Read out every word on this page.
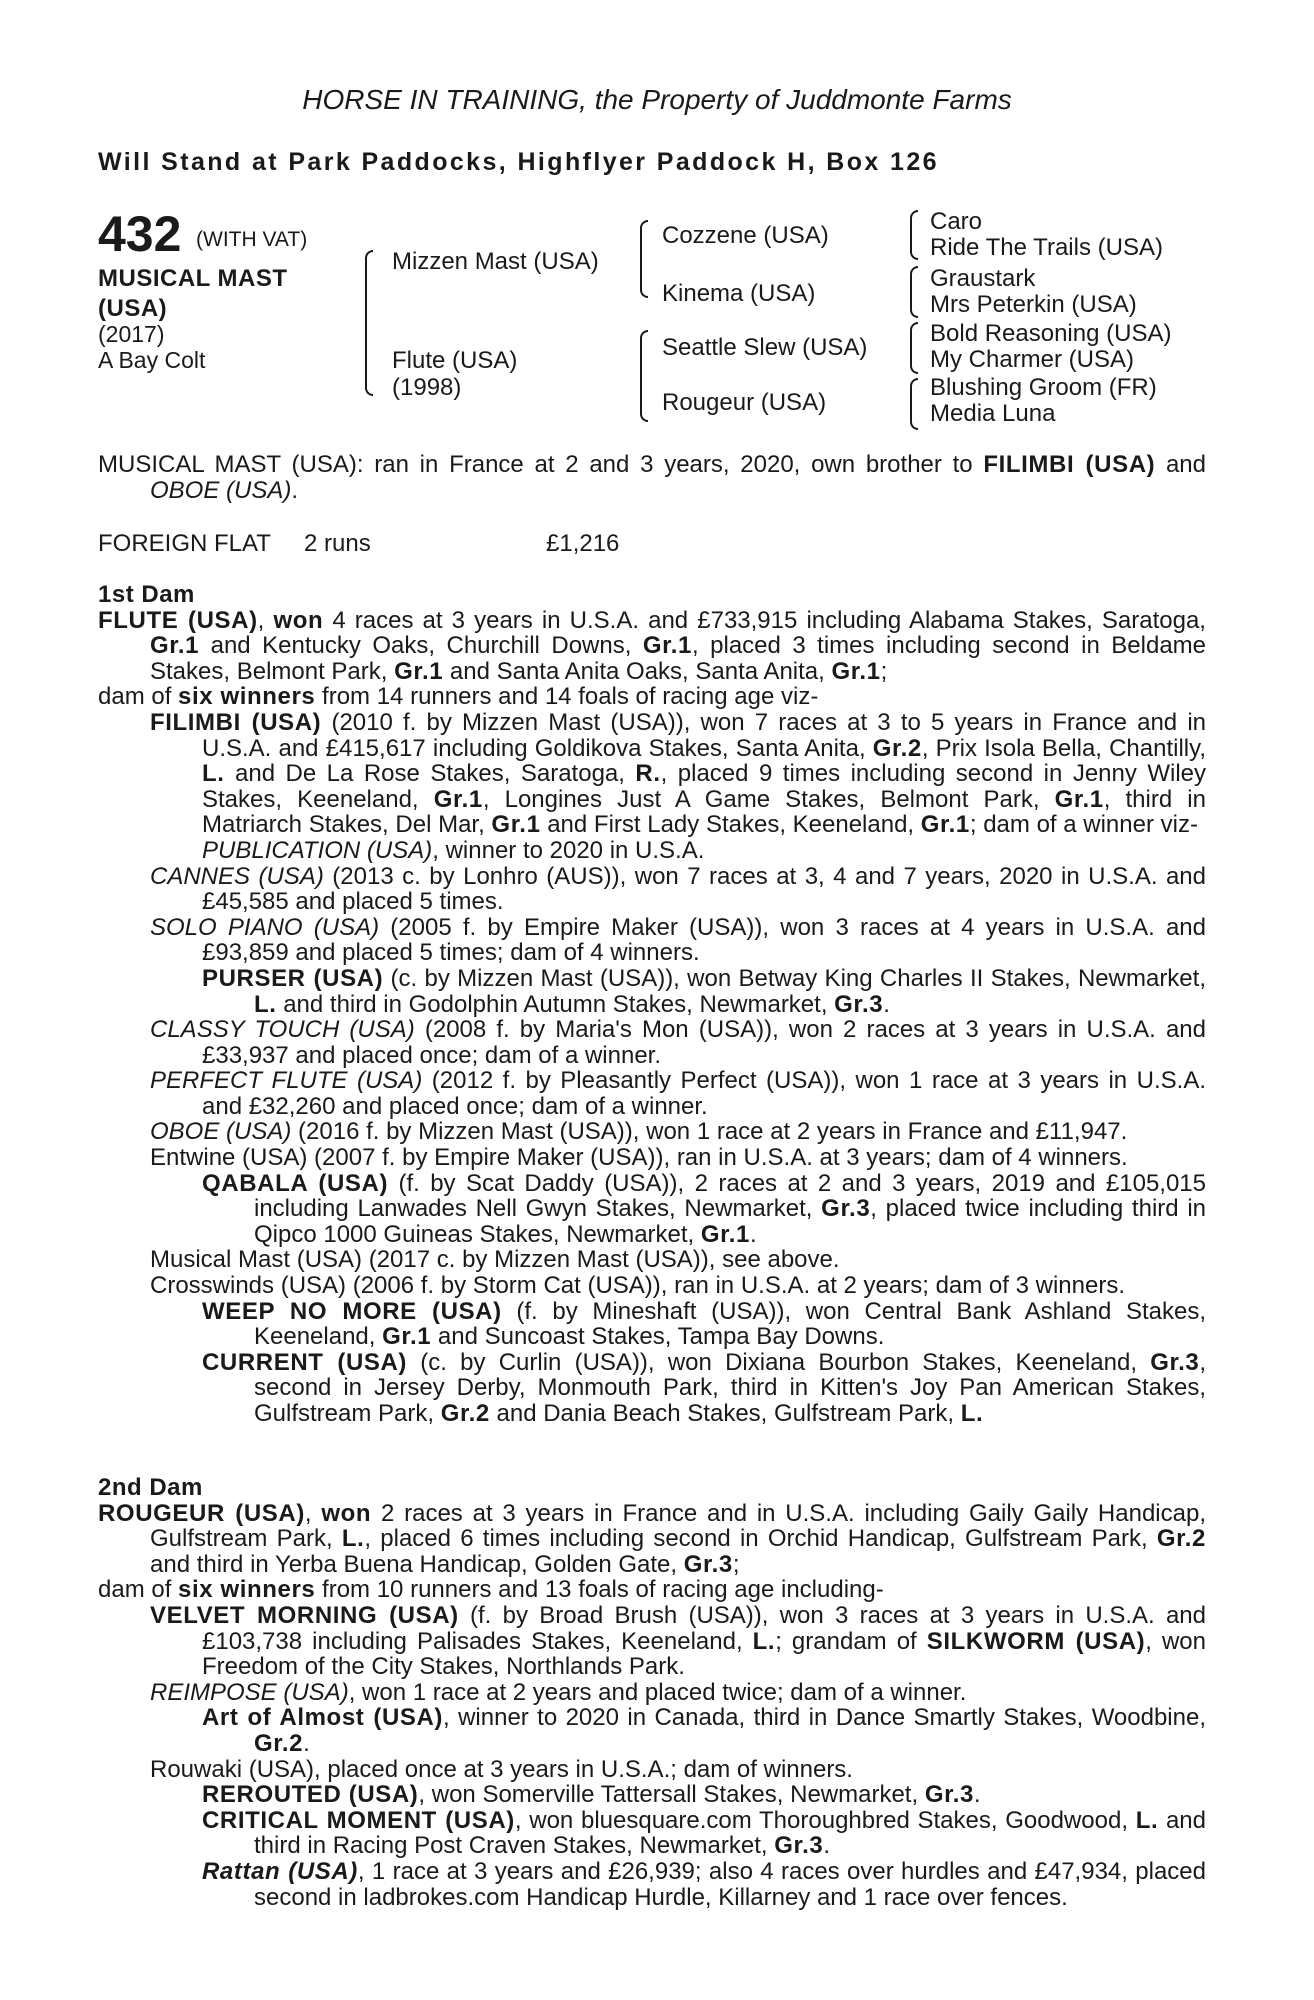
HORSE IN TRAINING, the Property of Juddmonte Farms
Will Stand at Park Paddocks, Highflyer Paddock H, Box 126
432 (WITH VAT)
MUSICAL MAST
(USA)
(2017)
A Bay Colt
Mizzen Mast (USA)
Flute (USA)
(1998)
Cozzene (USA)
Kinema (USA)
Seattle Slew (USA)
Rougeur (USA)
Caro
Ride The Trails (USA)
Graustark
Mrs Peterkin (USA)
Bold Reasoning (USA)
My Charmer (USA)
Blushing Groom (FR)
Media Luna

MUSICAL MAST (USA): ran in France at 2 and 3 years, 2020, own brother to FILIMBI (USA) and OBOE (USA).

FOREIGN FLAT 2 runs	£1,216

1st Dam

FLUTE (USA), won 4 races at 3 years in U.S.A. and £733,915 including Alabama Stakes, Saratoga, Gr.1 and Kentucky Oaks, Churchill Downs, Gr.1, placed 3 times including second in Beldame Stakes, Belmont Park, Gr.1 and Santa Anita Oaks, Santa Anita, Gr.1;

dam of six winners from 14 runners and 14 foals of racing age viz-

FILIMBI (USA) (2010 f. by Mizzen Mast (USA)), won 7 races at 3 to 5 years in France and in U.S.A. and £415,617 including Goldikova Stakes, Santa Anita, Gr.2, Prix Isola Bella, Chantilly, L. and De La Rose Stakes, Saratoga, R., placed 9 times including second in Jenny Wiley Stakes, Keeneland, Gr.1, Longines Just A Game Stakes, Belmont Park, Gr.1, third in Matriarch Stakes, Del Mar, Gr.1 and First Lady Stakes, Keeneland, Gr.1; dam of a winner viz-

PUBLICATION (USA), winner to 2020 in U.S.A.

CANNES (USA) (2013 c. by Lonhro (AUS)), won 7 races at 3, 4 and 7 years, 2020 in U.S.A. and £45,585 and placed 5 times.

SOLO PIANO (USA) (2005 f. by Empire Maker (USA)), won 3 races at 4 years in U.S.A. and £93,859 and placed 5 times; dam of 4 winners.

PURSER (USA) (c. by Mizzen Mast (USA)), won Betway King Charles II Stakes, Newmarket, L. and third in Godolphin Autumn Stakes, Newmarket, Gr.3.

CLASSY TOUCH (USA) (2008 f. by Maria's Mon (USA)), won 2 races at 3 years in U.S.A. and £33,937 and placed once; dam of a winner.

PERFECT FLUTE (USA) (2012 f. by Pleasantly Perfect (USA)), won 1 race at 3 years in U.S.A. and £32,260 and placed once; dam of a winner.

OBOE (USA) (2016 f. by Mizzen Mast (USA)), won 1 race at 2 years in France and £11,947.

Entwine (USA) (2007 f. by Empire Maker (USA)), ran in U.S.A. at 3 years; dam of 4 winners.

QABALA (USA) (f. by Scat Daddy (USA)), 2 races at 2 and 3 years, 2019 and £105,015 including Lanwades Nell Gwyn Stakes, Newmarket, Gr.3, placed twice including third in Qipco 1000 Guineas Stakes, Newmarket, Gr.1.

Musical Mast (USA) (2017 c. by Mizzen Mast (USA)), see above.

Crosswinds (USA) (2006 f. by Storm Cat (USA)), ran in U.S.A. at 2 years; dam of 3 winners.

WEEP NO MORE (USA) (f. by Mineshaft (USA)), won Central Bank Ashland Stakes, Keeneland, Gr.1 and Suncoast Stakes, Tampa Bay Downs.

CURRENT (USA) (c. by Curlin (USA)), won Dixiana Bourbon Stakes, Keeneland, Gr.3, second in Jersey Derby, Monmouth Park, third in Kitten's Joy Pan American Stakes, Gulfstream Park, Gr.2 and Dania Beach Stakes, Gulfstream Park, L.

2nd Dam

ROUGEUR (USA), won 2 races at 3 years in France and in U.S.A. including Gaily Gaily Handicap, Gulfstream Park, L., placed 6 times including second in Orchid Handicap, Gulfstream Park, Gr.2 and third in Yerba Buena Handicap, Golden Gate, Gr.3;

dam of six winners from 10 runners and 13 foals of racing age including-

VELVET MORNING (USA) (f. by Broad Brush (USA)), won 3 races at 3 years in U.S.A. and £103,738 including Palisades Stakes, Keeneland, L.; grandam of SILKWORM (USA), won Freedom of the City Stakes, Northlands Park.

REIMPOSE (USA), won 1 race at 2 years and placed twice; dam of a winner.

Art of Almost (USA), winner to 2020 in Canada, third in Dance Smartly Stakes, Woodbine, Gr.2.

Rouwaki (USA), placed once at 3 years in U.S.A.; dam of winners.

REROUTED (USA), won Somerville Tattersall Stakes, Newmarket, Gr.3.

CRITICAL MOMENT (USA), won bluesquare.com Thoroughbred Stakes, Goodwood, L. and third in Racing Post Craven Stakes, Newmarket, Gr.3.

Rattan (USA), 1 race at 3 years and £26,939; also 4 races over hurdles and £47,934, placed second in ladbrokes.com Handicap Hurdle, Killarney and 1 race over fences.
